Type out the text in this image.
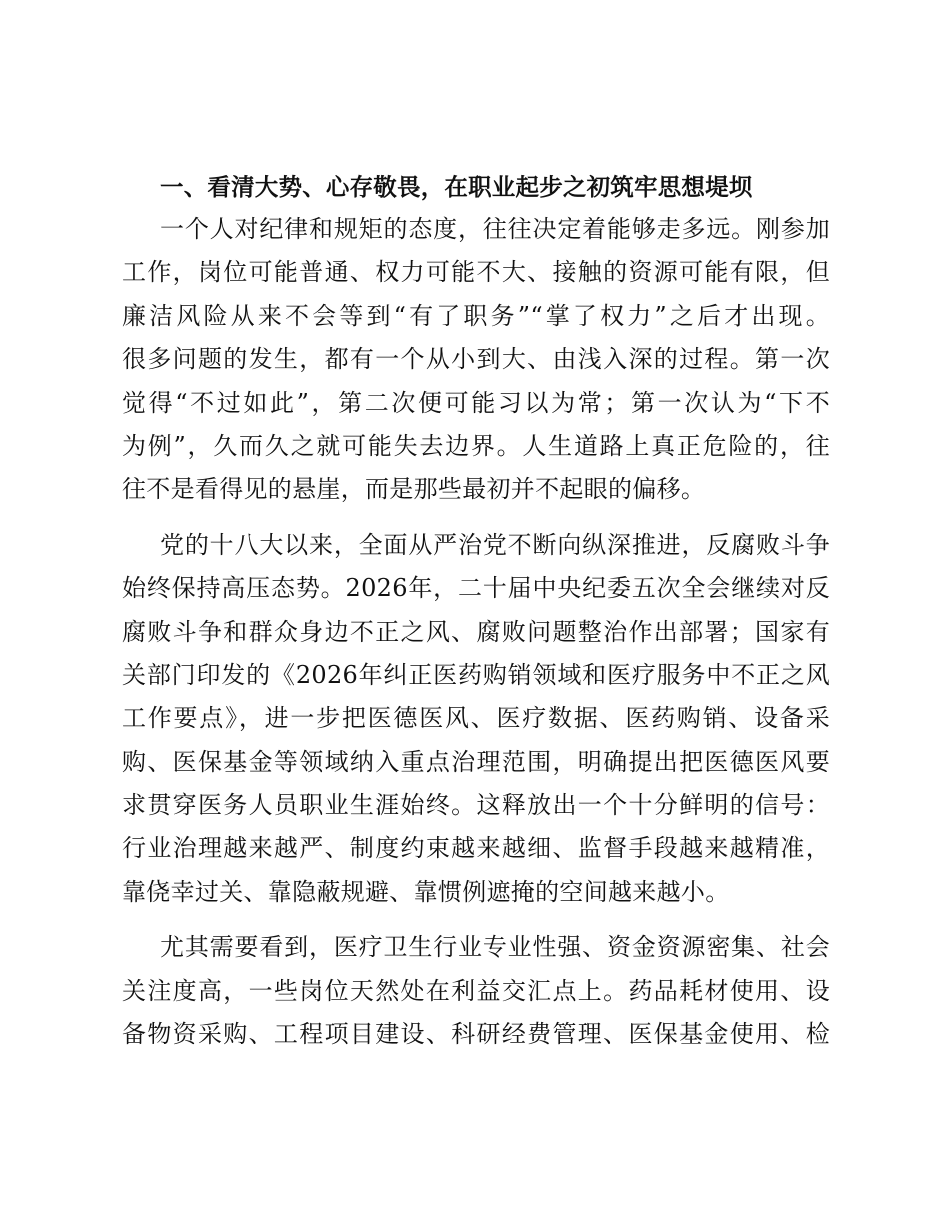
一、看清大势、心存敬畏，在职业起步之初筑牢思想堤坝
一个人对纪律和规矩的态度，往往决定着能够走多远。刚参加
工作，岗位可能普通、权力可能不大、接触的资源可能有限，但
廉洁风险从来不会等到“有了职务”“掌了权力”之后才出现。
很多问题的发生，都有一个从小到大、由浅入深的过程。第一次
觉得“不过如此”，第二次便可能习以为常；第一次认为“下不
为例”，久而久之就可能失去边界。人生道路上真正危险的，往
往不是看得见的悬崖，而是那些最初并不起眼的偏移。
党的十八大以来，全面从严治党不断向纵深推进，反腐败斗争
始终保持高压态势。2026年，二十届中央纪委五次全会继续对反
腐败斗争和群众身边不正之风、腐败问题整治作出部署；国家有
关部门印发的《2026年纠正医药购销领域和医疗服务中不正之风
工作要点》，进一步把医德医风、医疗数据、医药购销、设备采
购、医保基金等领域纳入重点治理范围，明确提出把医德医风要
求贯穿医务人员职业生涯始终。这释放出一个十分鲜明的信号：
行业治理越来越严、制度约束越来越细、监督手段越来越精准，
靠侥幸过关、靠隐蔽规避、靠惯例遮掩的空间越来越小。
尤其需要看到，医疗卫生行业专业性强、资金资源密集、社会
关注度高，一些岗位天然处在利益交汇点上。药品耗材使用、设
备物资采购、工程项目建设、科研经费管理、医保基金使用、检
